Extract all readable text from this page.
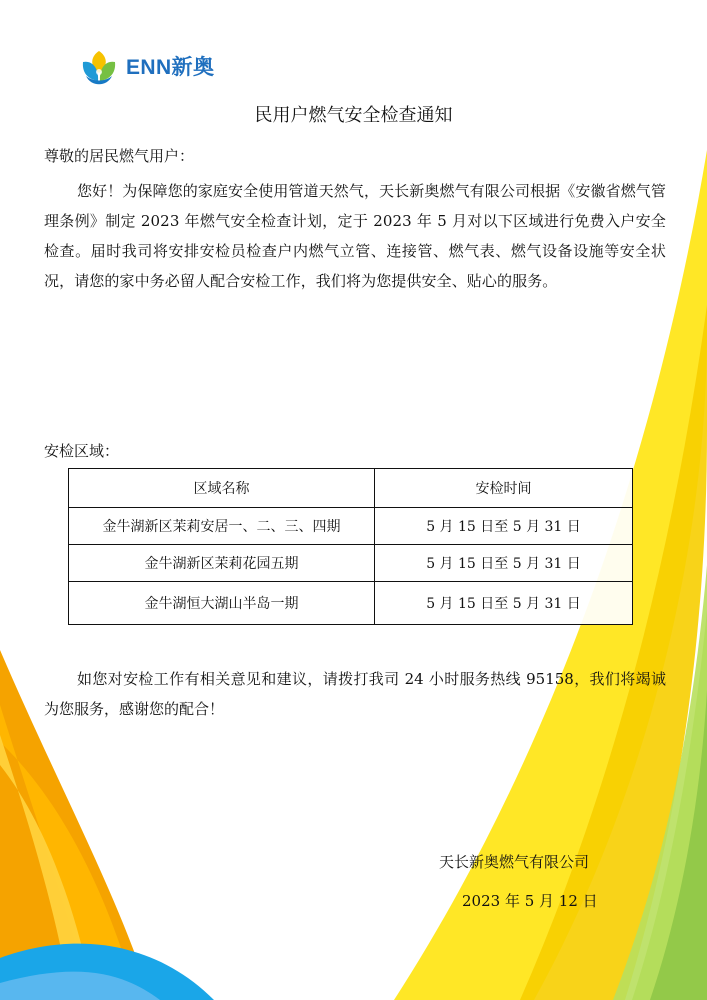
ENN新奥
民用户燃气安全检查通知
尊敬的居民燃气用户：
您好！为保障您的家庭安全使用管道天然气，天长新奥燃气有限公司根据《安徽省燃气管理条例》制定 2023 年燃气安全检查计划，定于 2023 年 5 月对以下区域进行免费入户安全检查。届时我司将安排安检员检查户内燃气立管、连接管、燃气表、燃气设备设施等安全状况，请您的家中务必留人配合安检工作，我们将为您提供安全、贴心的服务。
安检区域：
区域名称	安检时间
金牛湖新区茉莉安居一、二、三、四期	5 月 15 日至 5 月 31 日
金牛湖新区茉莉花园五期	5 月 15 日至 5 月 31 日
金牛湖恒大湖山半岛一期	5 月 15 日至 5 月 31 日
如您对安检工作有相关意见和建议，请拨打我司 24 小时服务热线 95158，我们将竭诚为您服务，感谢您的配合！
天长新奥燃气有限公司
2023 年 5 月 12 日
